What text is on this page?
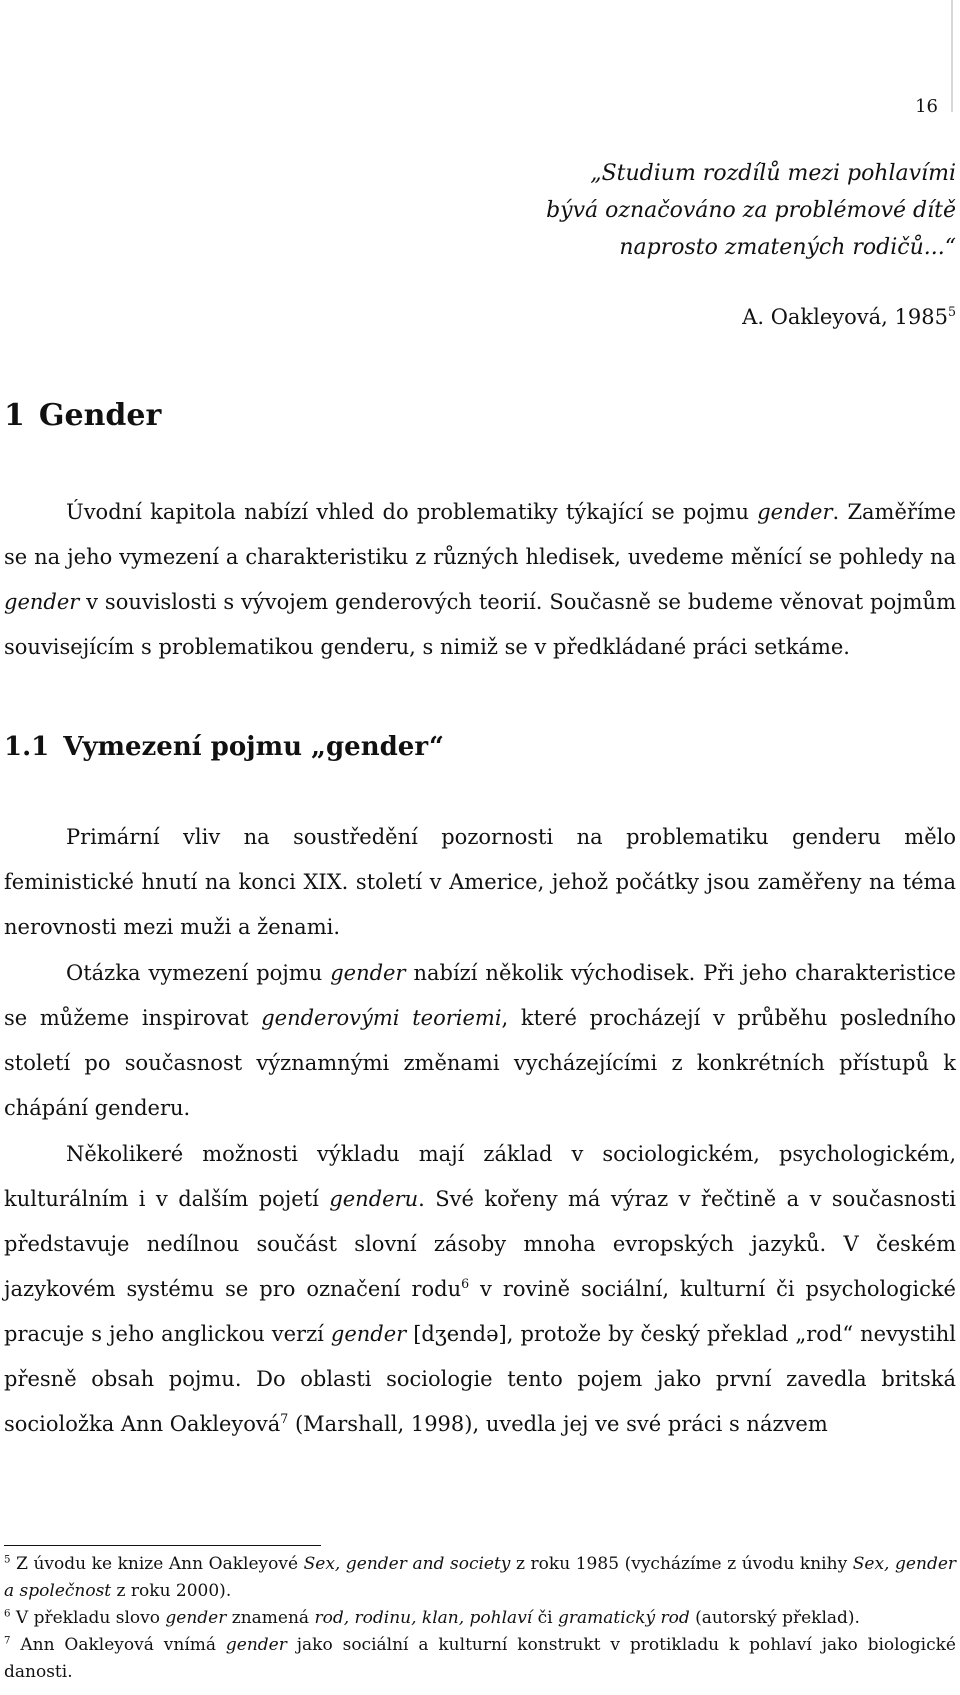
16
„Studium rozdílů mezi pohlavími
bývá označováno za problémové dítě
naprosto zmatených rodičů...“
A. Oakleyová, 1985$^5$
1 Gender

Úvodní kapitola nabízí vhled do problematiky týkající se pojmu gender. Zaměříme se na jeho vymezení a charakteristiku z různých hledisek, uvedeme měnící se pohledy na gender v souvislosti s vývojem genderových teorií. Současně se budeme věnovat pojmům souvisejícím s problematikou genderu, s nimiž se v předkládané práci setkáme.

1.1 Vymezení pojmu „gender“

Primární vliv na soustředění pozornosti na problematiku genderu mělo feministické hnutí na konci XIX. století v Americe, jehož počátky jsou zaměřeny na téma nerovnosti mezi muži a ženami.

Otázka vymezení pojmu gender nabízí několik východisek. Při jeho charakteristice se můžeme inspirovat genderovými teoriemi, které procházejí v průběhu posledního století po současnost významnými změnami vycházejícími z konkrétních přístupů k chápání genderu.

Několikeré možnosti výkladu mají základ v sociologickém, psychologickém, kulturálním i v dalším pojetí genderu. Své kořeny má výraz v řečtině a v současnosti představuje nedílnou součást slovní zásoby mnoha evropských jazyků. V českém jazykovém systému se pro označení rodu$^6$ v rovině sociální, kulturní či psychologické pracuje s jeho anglickou verzí gender [dʒendə], protože by český překlad „rod“ nevystihl přesně obsah pojmu. Do oblasti sociologie tento pojem jako první zavedla britská socioložka Ann Oakleyová$^7$ (Marshall, 1998), uvedla jej ve své práci s názvem

$^5$ Z úvodu ke knize Ann Oakleyové Sex, gender and society z roku 1985 (vycházíme z úvodu knihy Sex, gender a společnost z roku 2000).

$^6$ V překladu slovo gender znamená rod, rodinu, klan, pohlaví či gramatický rod (autorský překlad).

$^7$ Ann Oakleyová vnímá gender jako sociální a kulturní konstrukt v protikladu k pohlaví jako biologické danosti.
